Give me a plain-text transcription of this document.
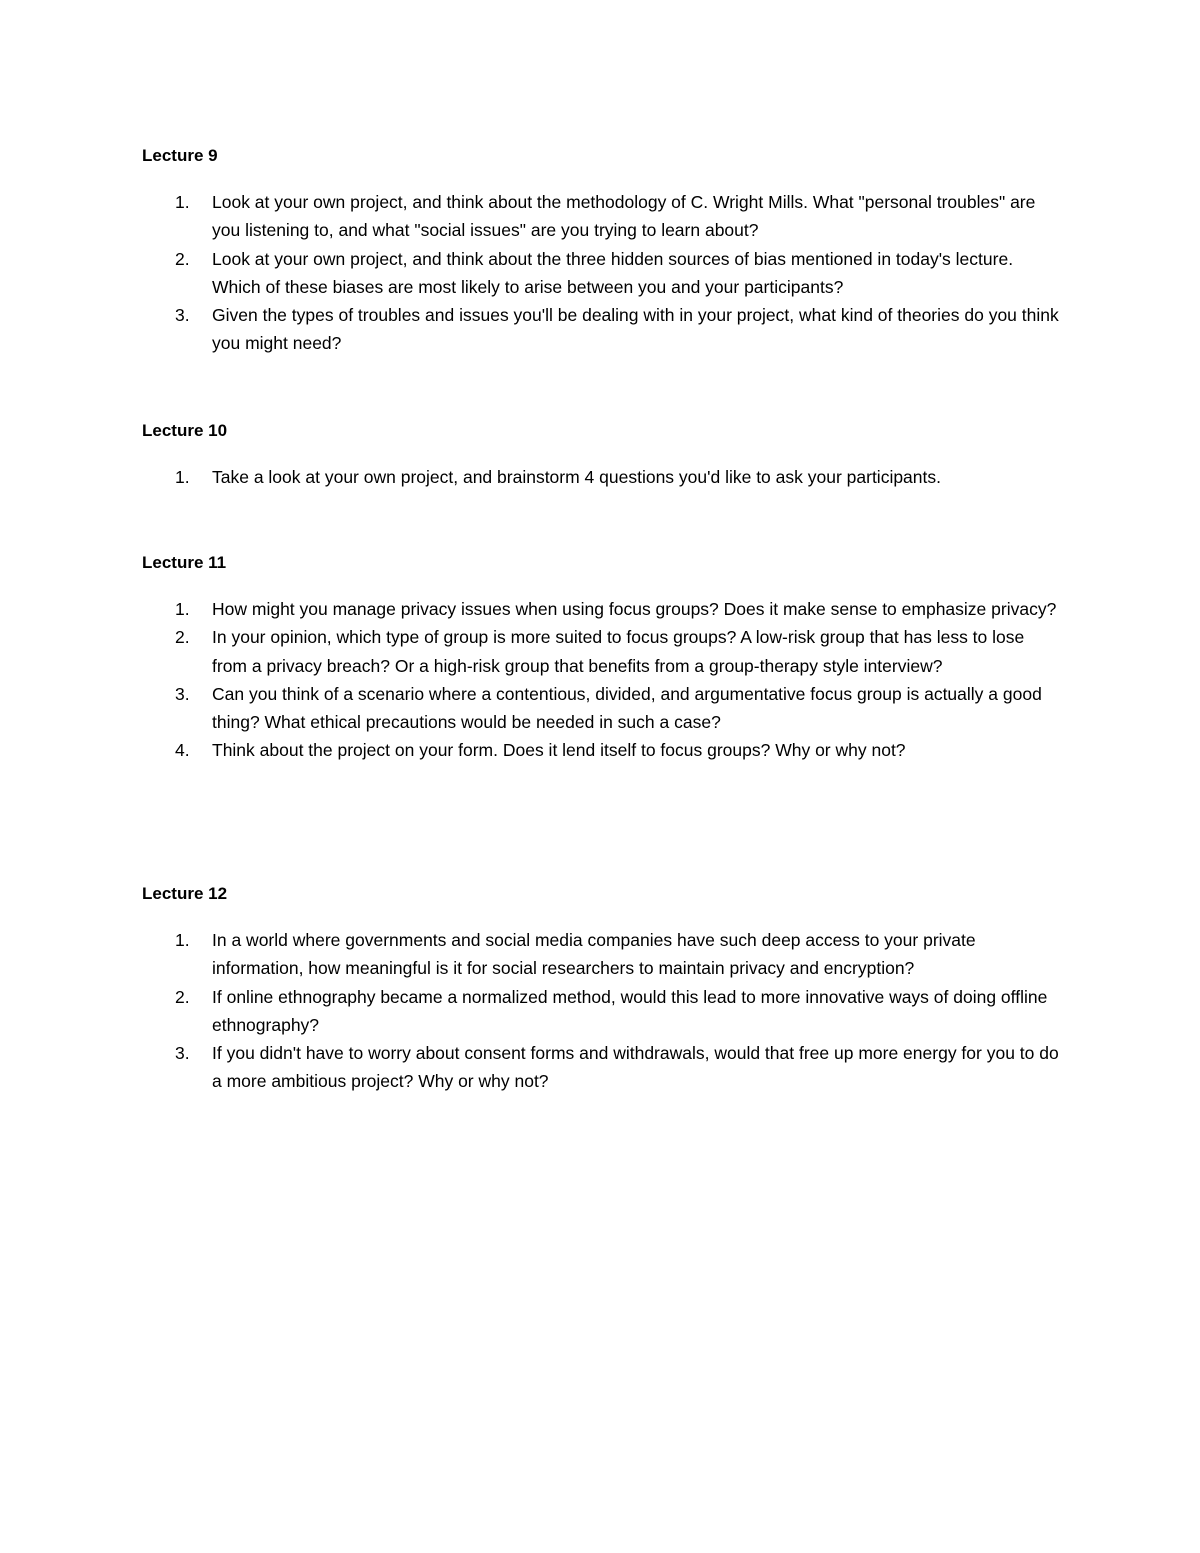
Lecture 9
1. Look at your own project, and think about the methodology of C. Wright Mills. What "personal troubles" are you listening to, and what "social issues" are you trying to learn about?
2. Look at your own project, and think about the three hidden sources of bias mentioned in today's lecture. Which of these biases are most likely to arise between you and your participants?
3. Given the types of troubles and issues you'll be dealing with in your project, what kind of theories do you think you might need?
Lecture 10
1. Take a look at your own project, and brainstorm 4 questions you'd like to ask your participants.
Lecture 11
1. How might you manage privacy issues when using focus groups? Does it make sense to emphasize privacy?
2. In your opinion, which type of group is more suited to focus groups? A low-risk group that has less to lose from a privacy breach? Or a high-risk group that benefits from a group-therapy style interview?
3. Can you think of a scenario where a contentious, divided, and argumentative focus group is actually a good thing? What ethical precautions would be needed in such a case?
4. Think about the project on your form. Does it lend itself to focus groups? Why or why not?
Lecture 12
1. In a world where governments and social media companies have such deep access to your private information, how meaningful is it for social researchers to maintain privacy and encryption?
2. If online ethnography became a normalized method, would this lead to more innovative ways of doing offline ethnography?
3. If you didn't have to worry about consent forms and withdrawals, would that free up more energy for you to do a more ambitious project? Why or why not?
